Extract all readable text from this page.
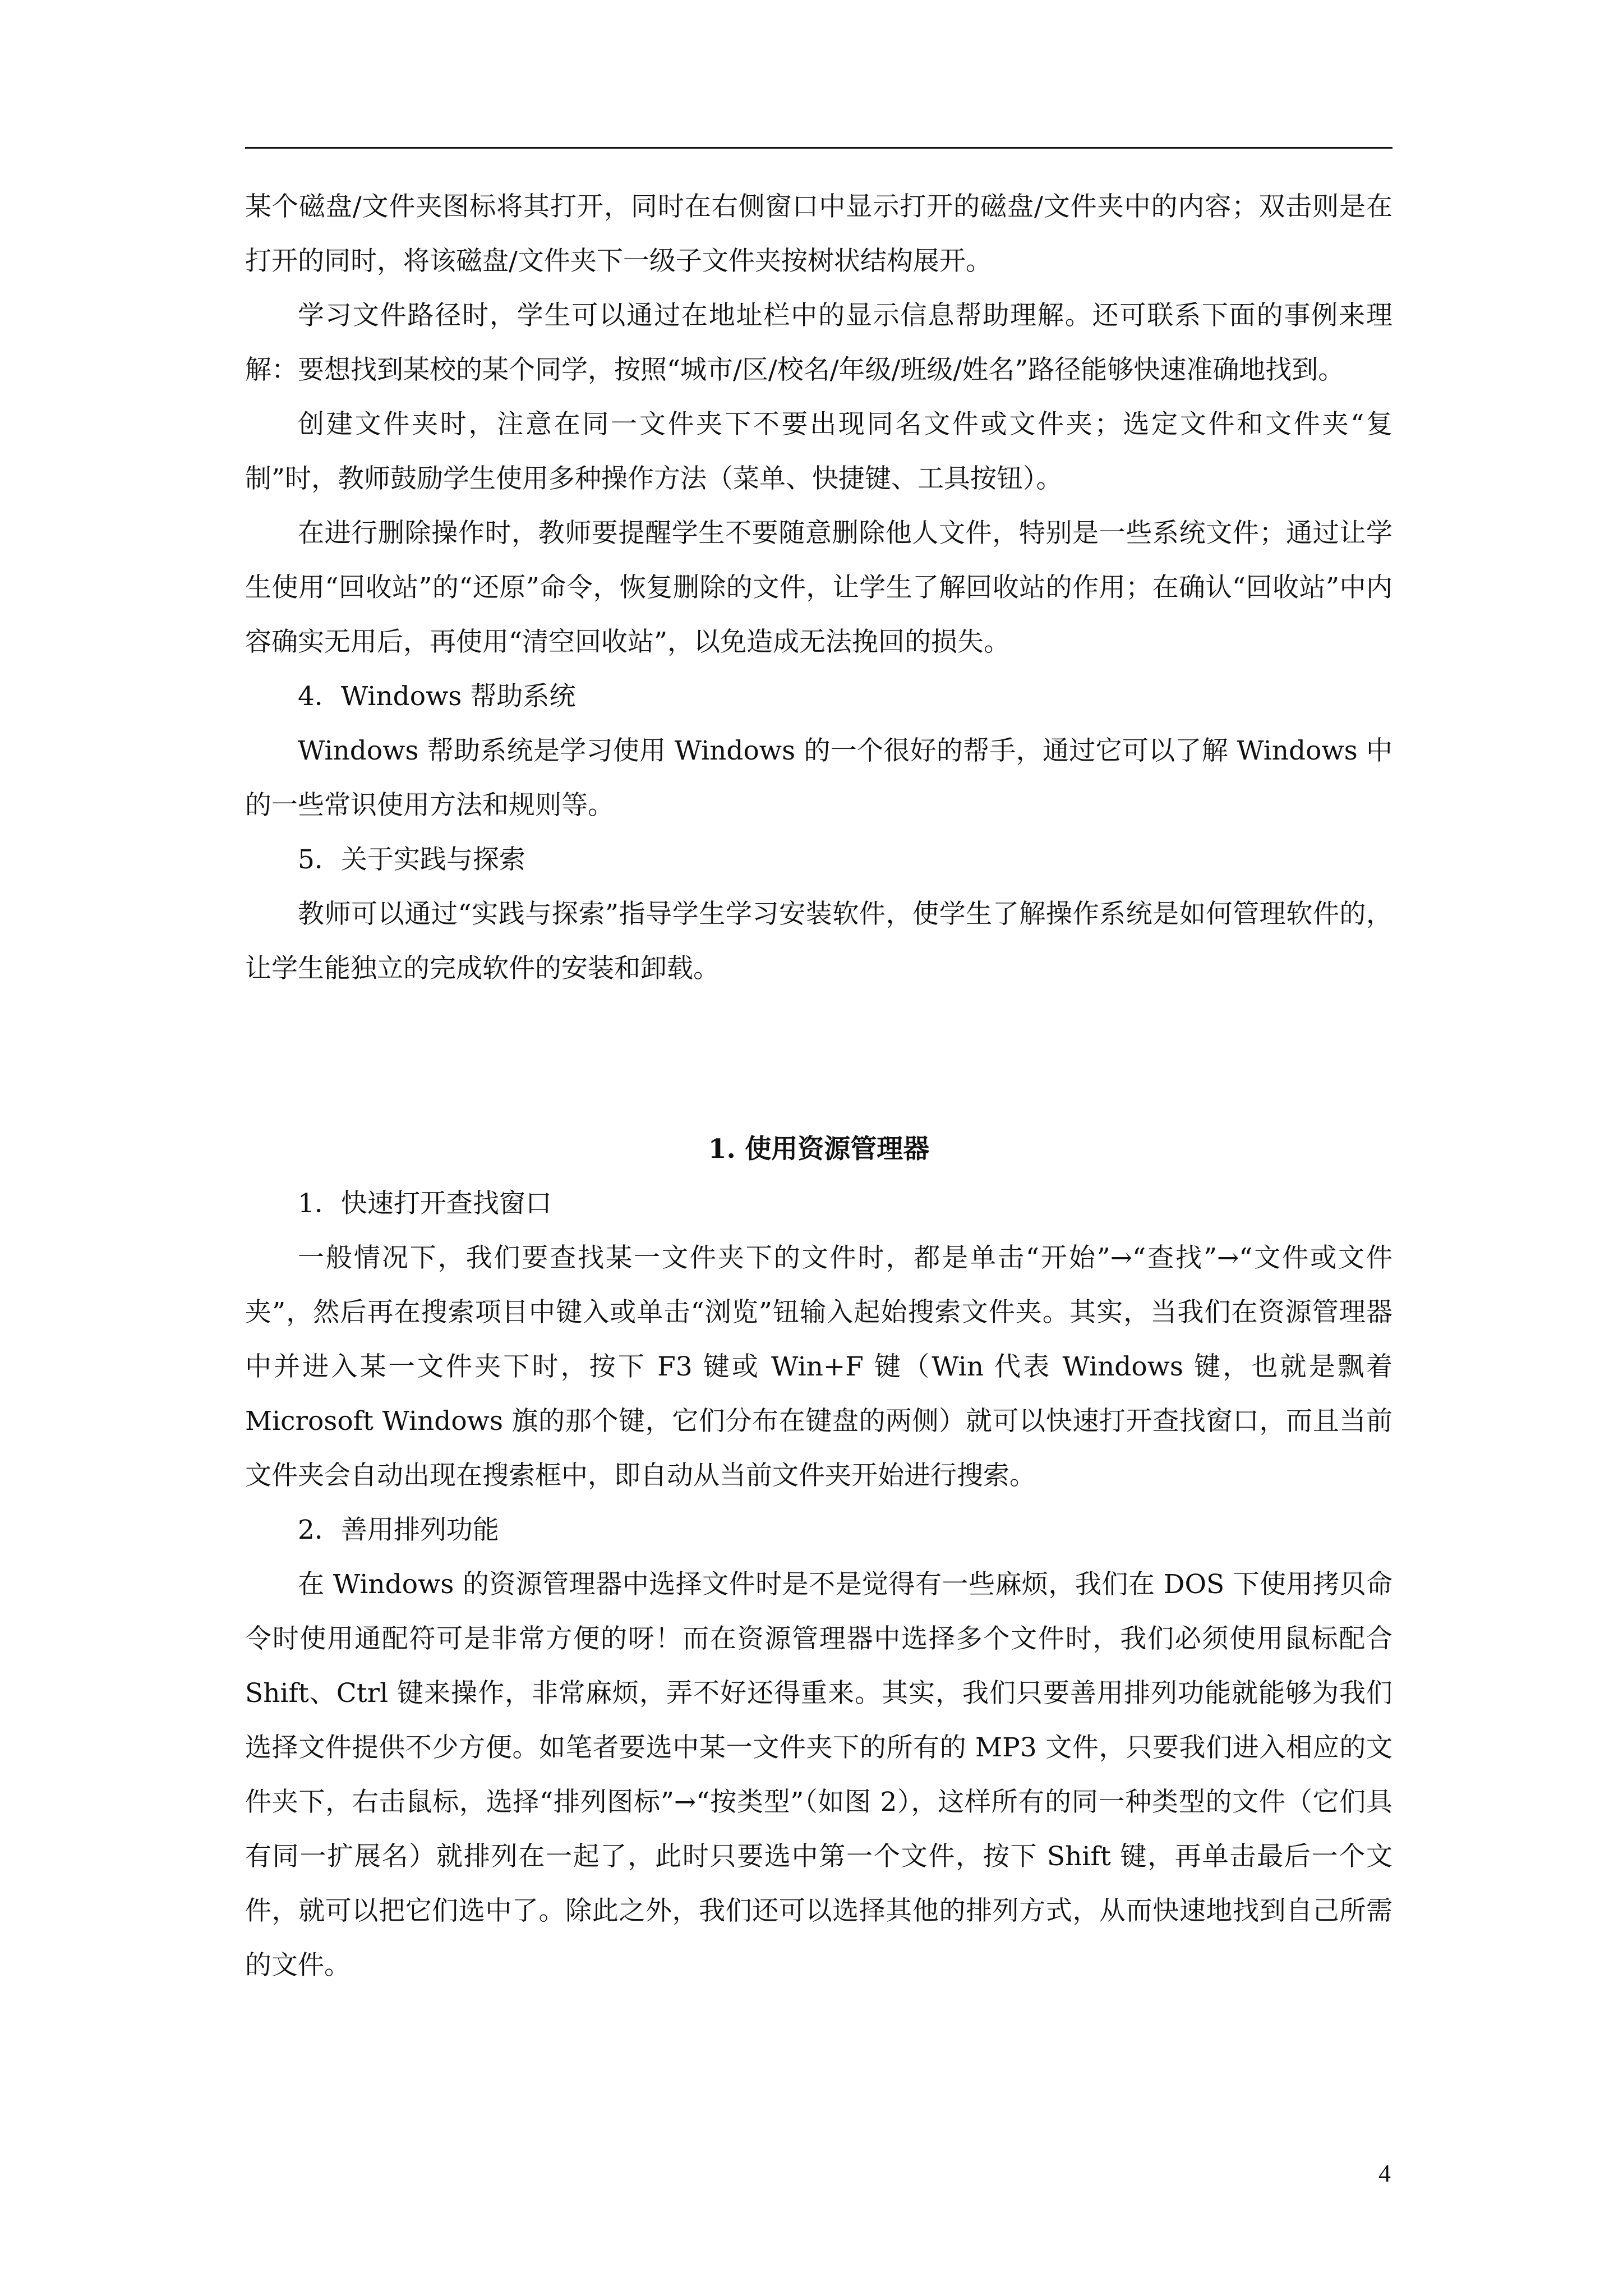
某个磁盘/文件夹图标将其打开，同时在右侧窗口中显示打开的磁盘/文件夹中的内容；双击则是在打开的同时，将该磁盘/文件夹下一级子文件夹按树状结构展开。

学习文件路径时，学生可以通过在地址栏中的显示信息帮助理解。还可联系下面的事例来理解：要想找到某校的某个同学，按照“城市/区/校名/年级/班级/姓名”路径能够快速准确地找到。

创建文件夹时，注意在同一文件夹下不要出现同名文件或文件夹；选定文件和文件夹“复制”时，教师鼓励学生使用多种操作方法（菜单、快捷键、工具按钮）。

在进行删除操作时，教师要提醒学生不要随意删除他人文件，特别是一些系统文件；通过让学生使用“回收站”的“还原”命令，恢复删除的文件，让学生了解回收站的作用；在确认“回收站”中内容确实无用后，再使用“清空回收站”，以免造成无法挽回的损失。

4．Windows 帮助系统

Windows 帮助系统是学习使用 Windows 的一个很好的帮手，通过它可以了解 Windows 中的一些常识使用方法和规则等。

5．关于实践与探索

教师可以通过“实践与探索”指导学生学习安装软件，使学生了解操作系统是如何管理软件的，让学生能独立的完成软件的安装和卸载。

1. 使用资源管理器

1．快速打开查找窗口

一般情况下，我们要查找某一文件夹下的文件时，都是单击“开始”→“查找”→“文件或文件夹”，然后再在搜索项目中键入或单击“浏览”钮输入起始搜索文件夹。其实，当我们在资源管理器中并进入某一文件夹下时，按下 F3 键或 Win+F 键（Win 代表 Windows 键，也就是飘着 Microsoft Windows 旗的那个键，它们分布在键盘的两侧）就可以快速打开查找窗口，而且当前文件夹会自动出现在搜索框中，即自动从当前文件夹开始进行搜索。

2．善用排列功能

在 Windows 的资源管理器中选择文件时是不是觉得有一些麻烦，我们在 DOS 下使用拷贝命令时使用通配符可是非常方便的呀！而在资源管理器中选择多个文件时，我们必须使用鼠标配合 Shift、Ctrl 键来操作，非常麻烦，弄不好还得重来。其实，我们只要善用排列功能就能够为我们选择文件提供不少方便。如笔者要选中某一文件夹下的所有的 MP3 文件，只要我们进入相应的文件夹下，右击鼠标，选择“排列图标”→“按类型”（如图 2），这样所有的同一种类型的文件（它们具有同一扩展名）就排列在一起了，此时只要选中第一个文件，按下 Shift 键，再单击最后一个文件，就可以把它们选中了。除此之外，我们还可以选择其他的排列方式，从而快速地找到自己所需的文件。

4
